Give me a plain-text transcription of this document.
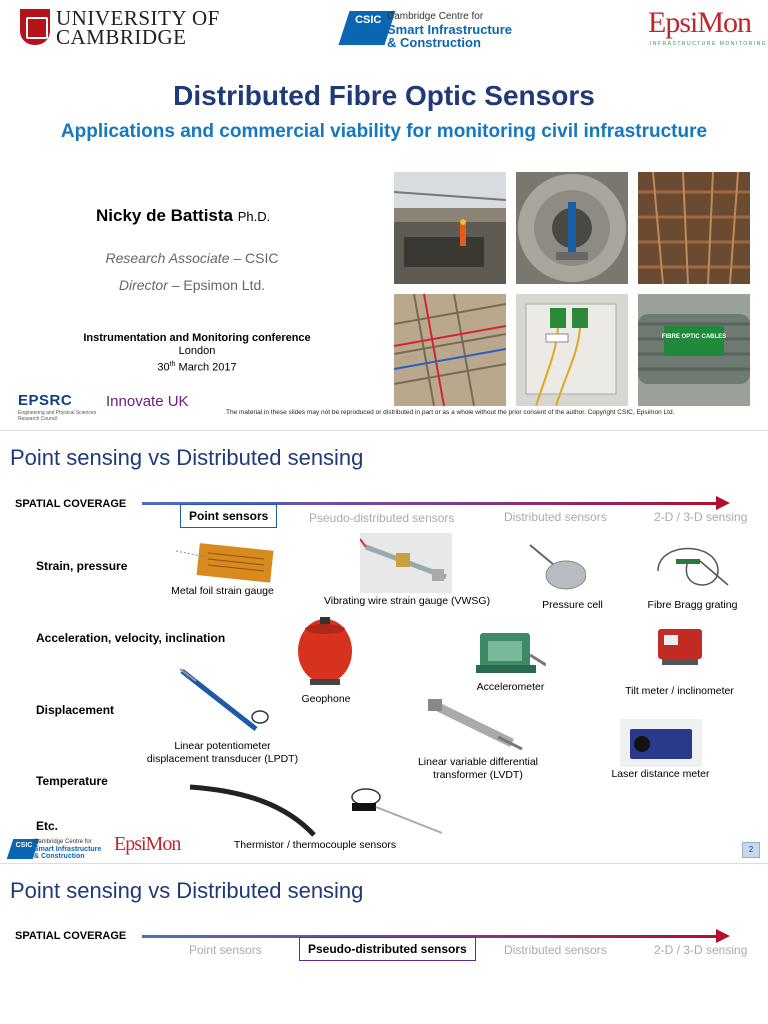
UNIVERSITY OF
CAMBRIDGE
CSIC Cambridge Centre for
Smart Infrastructure
& Construction
EpsiMon
INFRASTRUCTURE MONITORING
Distributed Fibre Optic Sensors
Applications and commercial viability for monitoring civil infrastructure
Nicky de Battista Ph.D.
Research Associate – CSIC
Director – Epsimon Ltd.
Instrumentation and Monitoring conference
London
30th March 2017
FIBRE OPTIC CABLES
EPSRC
Engineering and Physical Sciences Research Council
Innovate UK
The material in these slides may not be reproduced or distributed in part or as a whole without the prior consent of the author. Copyright CSIC, Epsimon Ltd.
Point sensing vs Distributed sensing
SPATIAL COVERAGE
Point sensors	Pseudo-distributed sensors	Distributed sensors	2-D / 3-D sensing
Strain, pressure
Acceleration, velocity, inclination
Displacement
Temperature
Etc.
Metal foil strain gauge
Vibrating wire strain gauge (VWSG)	Pressure cell	Fibre Bragg grating
Geophone
Accelerometer	Tilt meter / inclinometer
Linear potentiometer
displacement transducer (LPDT)	Linear variable differential
transformer (LVDT)	Laser distance meter
Thermistor / thermocouple sensors
CSIC Cambridge Centre for
Smart Infrastructure
& Construction
EpsiMon	2
Point sensing vs Distributed sensing
SPATIAL COVERAGE
Point sensors	Pseudo-distributed sensors	Distributed sensors	2-D / 3-D sensing
